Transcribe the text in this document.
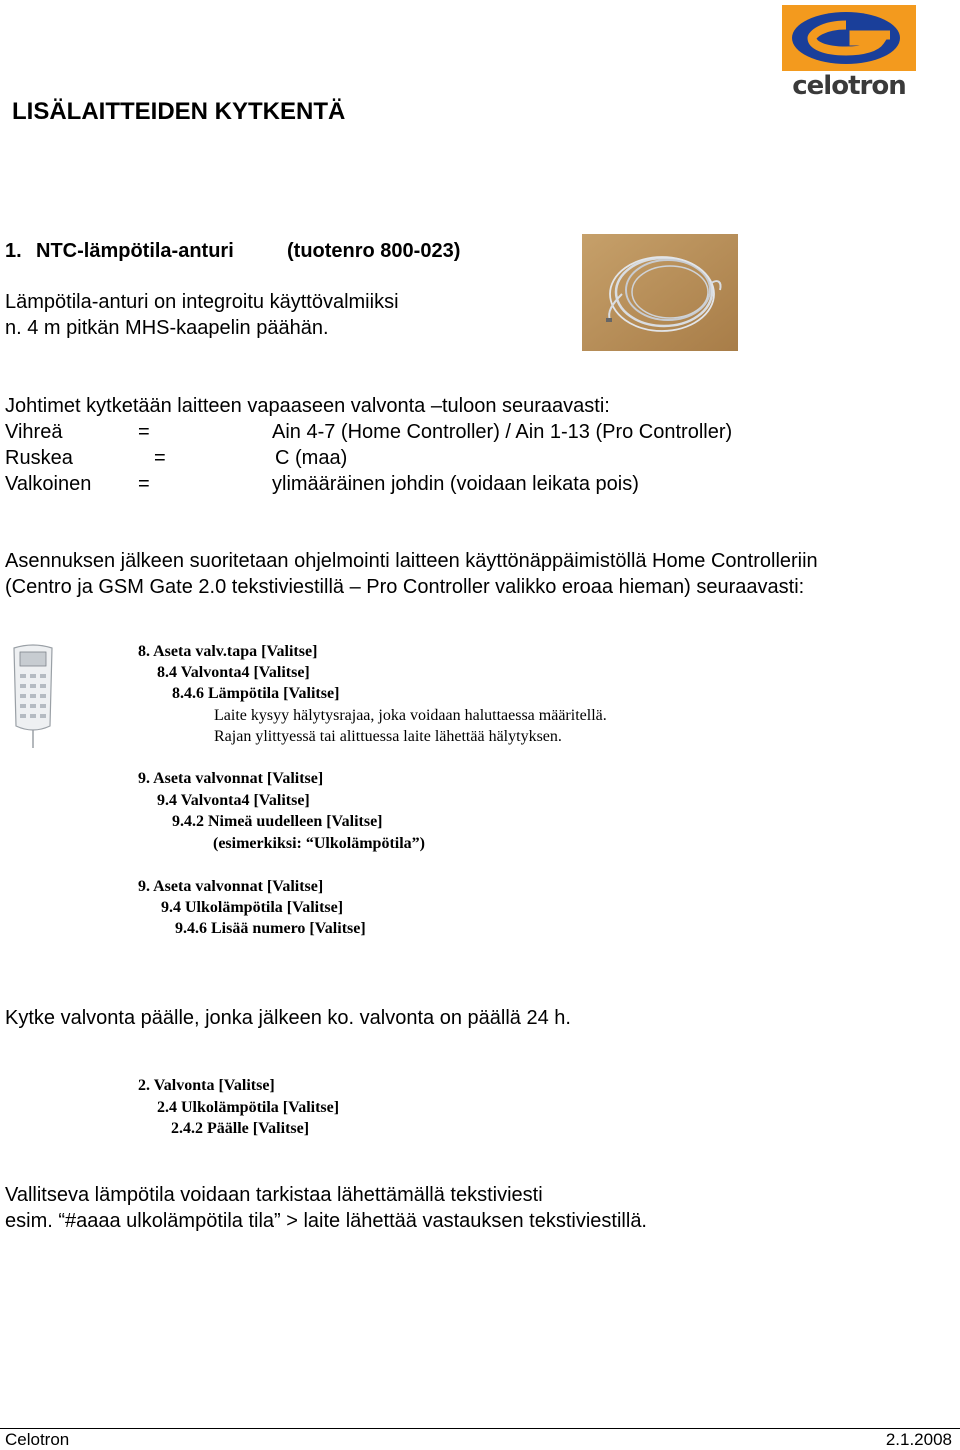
LISÄLAITTEIDEN KYTKENTÄ
celotron
1. NTC-lämpötila-anturi	(tuotenro 800-023)
Lämpötila-anturi on integroitu käyttövalmiiksi
n. 4 m pitkän MHS-kaapelin päähän.
Johtimet kytketään laitteen vapaaseen valvonta –tuloon seuraavasti:
Vihreä	=	Ain 4-7 (Home Controller) / Ain 1-13 (Pro Controller)
Ruskea	=	C (maa)
Valkoinen =	ylimääräinen johdin (voidaan leikata pois)
Asennuksen jälkeen suoritetaan ohjelmointi laitteen käyttönäppäimistöllä Home Controlleriin
(Centro ja GSM Gate 2.0 tekstiviestillä – Pro Controller valikko eroaa hieman) seuraavasti:
8. Aseta valv.tapa [Valitse]
8.4 Valvonta4 [Valitse]
8.4.6 Lämpötila [Valitse]
Laite kysyy hälytysrajaa, joka voidaan haluttaessa määritellä.
Rajan ylittyessä tai alittuessa laite lähettää hälytyksen.
9. Aseta valvonnat [Valitse]
9.4 Valvonta4 [Valitse]
9.4.2 Nimeä uudelleen [Valitse]
(esimerkiksi: “Ulkolämpötila”)
9. Aseta valvonnat [Valitse]
9.4 Ulkolämpötila [Valitse]
9.4.6 Lisää numero [Valitse]
Kytke valvonta päälle, jonka jälkeen ko. valvonta on päällä 24 h.
2. Valvonta [Valitse]
2.4 Ulkolämpötila [Valitse]
2.4.2 Päälle [Valitse]
Vallitseva lämpötila voidaan tarkistaa lähettämällä tekstiviesti
esim. “#aaaa ulkolämpötila tila” > laite lähettää vastauksen tekstiviestillä.
Celotron	2.1.2008
